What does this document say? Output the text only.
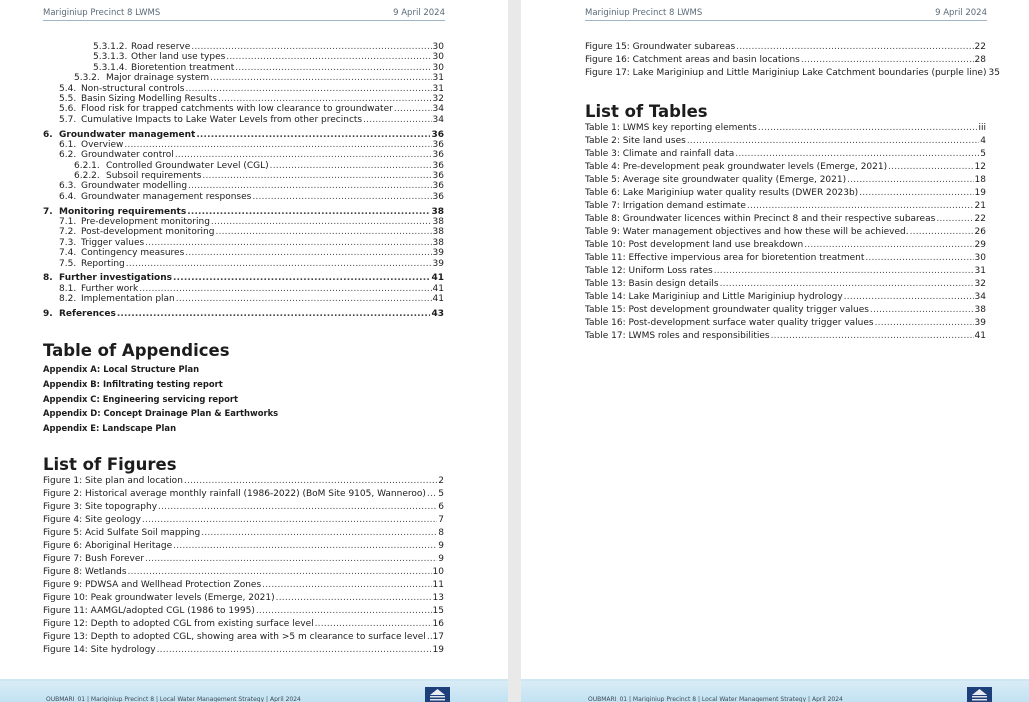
Mariginiup Precinct 8 LWMS	9 April 2024
5.3.1.2. Road reserve .....	30
5.3.1.3. Other land use types .....	30
5.3.1.4. Bioretention treatment .....	30
5.3.2. Major drainage system .....	31
5.4. Non-structural controls .....	31
5.5. Basin Sizing Modelling Results .....	32
5.6. Flood risk for trapped catchments with low clearance to groundwater .....	34
5.7. Cumulative Impacts to Lake Water Levels from other precincts .....	34
6. Groundwater management .....	36
6.1. Overview .....	36
6.2. Groundwater control .....	36
6.2.1. Controlled Groundwater Level (CGL) .....	36
6.2.2. Subsoil requirements .....	36
6.3. Groundwater modelling .....	36
6.4. Groundwater management responses .....	36
7. Monitoring requirements .....	38
7.1. Pre-development monitoring .....	38
7.2. Post-development monitoring .....	38
7.3. Trigger values .....	38
7.4. Contingency measures .....	39
7.5. Reporting .....	39
8. Further investigations .....	41
8.1. Further work .....	41
8.2. Implementation plan .....	41
9. References .....	43
Table of Appendices
Appendix A: Local Structure Plan
Appendix B: Infiltrating testing report
Appendix C: Engineering servicing report
Appendix D: Concept Drainage Plan & Earthworks
Appendix E: Landscape Plan
List of Figures
Figure 1: Site plan and location .....	2
Figure 2: Historical average monthly rainfall (1986-2022) (BoM Site 9105, Wanneroo) ..... 5
Figure 3: Site topography .....	6
Figure 4: Site geology .....	7
Figure 5: Acid Sulfate Soil mapping .....	8
Figure 6: Aboriginal Heritage .....	9
Figure 7: Bush Forever .....	9
Figure 8: Wetlands .....	10
Figure 9: PDWSA and Wellhead Protection Zones .....	11
Figure 10: Peak groundwater levels (Emerge, 2021) .....	13
Figure 11: AAMGL/adopted CGL (1986 to 1995) .....	15
Figure 12: Depth to adopted CGL from existing surface level .....	16
Figure 13: Depth to adopted CGL, showing area with >5 m clearance to surface level ..... 17
Figure 14: Site hydrology .....	19
OUBMARI_01 | Mariginiup Precinct 8 | Local Water Management Strategy | April 2024
Mariginiup Precinct 8 LWMS	9 April 2024
Figure 15: Groundwater subareas .....	22
Figure 16: Catchment areas and basin locations .....	28
Figure 17: Lake Mariginiup and Little Mariginiup Lake Catchment boundaries (purple line) 35
List of Tables
Table 1: LWMS key reporting elements .....	iii
Table 2: Site land uses .....	4
Table 3: Climate and rainfall data .....	5
Table 4: Pre-development peak groundwater levels (Emerge, 2021) .....	12
Table 5: Average site groundwater quality (Emerge, 2021) .....	18
Table 6: Lake Mariginiup water quality results (DWER 2023b) .....	19
Table 7: Irrigation demand estimate .....	21
Table 8: Groundwater licences within Precinct 8 and their respective subareas .....	22
Table 9: Water management objectives and how these will be achieved. .....	26
Table 10: Post development land use breakdown .....	29
Table 11: Effective impervious area for bioretention treatment .....	30
Table 12: Uniform Loss rates .....	31
Table 13: Basin design details .....	32
Table 14: Lake Mariginiup and Little Mariginiup hydrology .....	34
Table 15: Post development groundwater quality trigger values .....	38
Table 16: Post-development surface water quality trigger values .....	39
Table 17: LWMS roles and responsibilities .....	41
OUBMARI_01 | Mariginiup Precinct 8 | Local Water Management Strategy | April 2024
